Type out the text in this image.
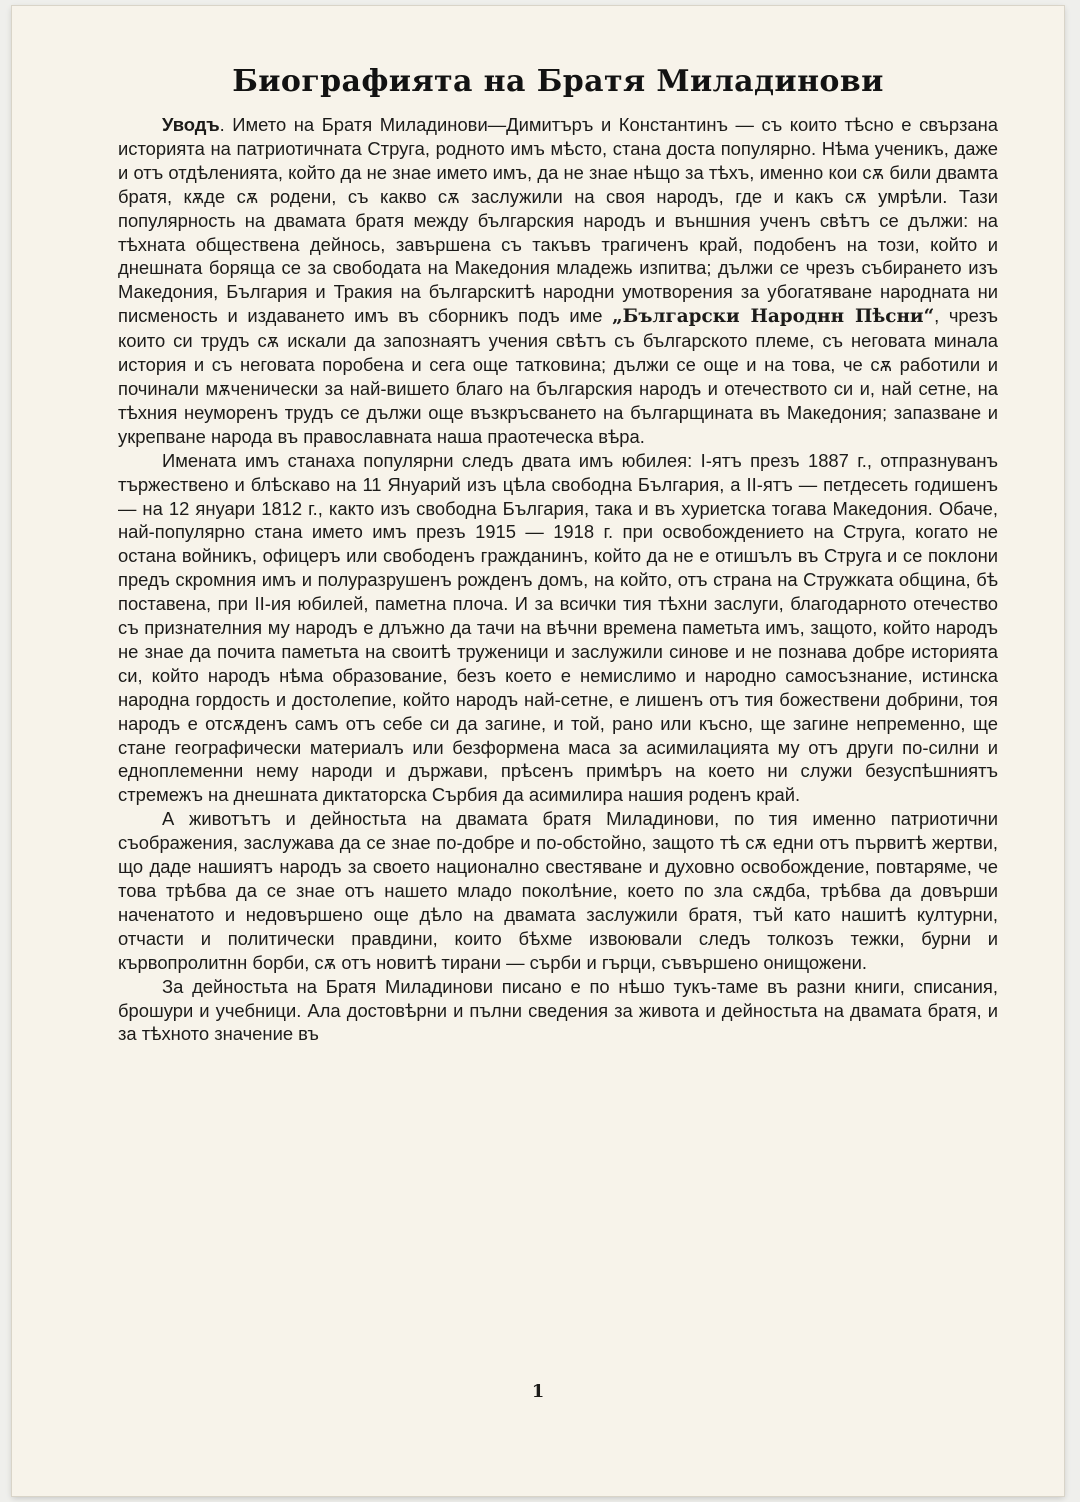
Биографията на Братя Миладинови

Уводъ. Името на Братя Миладинови—Димитъръ и Константинъ — съ които тѣсно е свързана историята на патриотичната Струга, родното имъ мѣсто, стана доста популярно. Нѣма ученикъ, даже и отъ отдѣленията, който да не знае името имъ, да не знае нѣщо за тѣхъ, именно кои сѫ били двамта братя, кѫде сѫ родени, съ какво сѫ заслужили на своя народъ, где и какъ сѫ умрѣли. Тази популярность на двамата братя между българския народъ и външния ученъ свѣтъ се дължи: на тѣхната обществена дейнось, завършена съ такъвъ трагиченъ край, подобенъ на този, който и днешната боряща се за свободата на Македония младежь изпитва; дължи се чрезъ събирането изъ Македония, България и Тракия на българскитѣ народни умотворения за убогатяване народната ни писменость и издаването имъ въ сборникъ подъ име „Български Народнн Пѣсни“, чрезъ които си трудъ сѫ искали да запознаятъ учения свѣтъ съ българското племе, съ неговата минала история и съ неговата поробена и сега още татковина; дължи се още и на това, че сѫ работили и починали мѫченически за най-вишето благо на българския народъ и отечеството си и, най сетне, на тѣхния неуморенъ трудъ се дължи още възкръсването на българщината въ Македония; запазване и укрепване народа въ православната наша праотеческа вѣра.

Имената имъ станаха популярни следъ двата имъ юбилея: I-ятъ презъ 1887 г., отпразнуванъ тържествено и блѣскаво на 11 Януарий изъ цѣла свободна България, а II-ятъ — петдесеть годишенъ— на 12 януари 1812 г., както изъ свободна България, така и въ хуриетска тогава Македония. Обаче, най-популярно стана името имъ презъ 1915 — 1918 г. при освобождението на Струга, когато не остана войникъ, офицеръ или свободенъ гражданинъ, който да не е отишълъ въ Струга и се поклони предъ скромния имъ и полуразрушенъ рожденъ домъ, на който, отъ страна на Стружката община, бѣ поставена, при II-ия юбилей, паметна плоча. И за всички тия тѣхни заслуги, благодарното отечество съ признателния му народъ е длъжно да тачи на вѣчни времена паметьта имъ, защото, който народъ не знае да почита паметьта на своитѣ труженици и заслужили синове и не познава добре историята си, който народъ нѣма образование, безъ което е немислимо и народно самосъзнание, истинска народна гордость и достолепие, който народъ най-сетне, е лишенъ отъ тия божествени добрини, тоя народъ е отсѫденъ самъ отъ себе си да загине, и той, рано или късно, ще загине непременно, ще стане географически материалъ или безформена маса за асимилацията му отъ други по-силни и едноплеменни нему народи и държави, прѣсенъ примѣръ на което ни служи безуспѣшниятъ стремежъ на днешната диктаторска Сърбия да асимилира нашия роденъ край.

А животътъ и дейностьта на двамата братя Миладинови, по тия именно патриотични съображения, заслужава да се знае по-добре и по-обстойно, защото тѣ сѫ едни отъ първитѣ жертви, що даде нашиятъ народъ за своето национално свестяване и духовно освобождение, повтаряме, че това трѣбва да се знае отъ нашето младо поколѣние, което по зла сѫдба, трѣбва да довърши наченатото и недовършено още дѣло на двамата заслужили братя, тъй като нашитѣ културни, отчасти и политически правдини, които бѣхме извоювали следъ толкозъ тежки, бурни и кървопролитнн борби, сѫ отъ новитѣ тирани — сърби и гърци, съвършено онищожени.

За дейностьта на Братя Миладинови писано е по нѣшо тукъ-таме въ разни книги, списания, брошури и учебници. Ала достовѣрни и пълни сведения за живота и дейностьта на двамата братя, и за тѣхното значение въ

1
